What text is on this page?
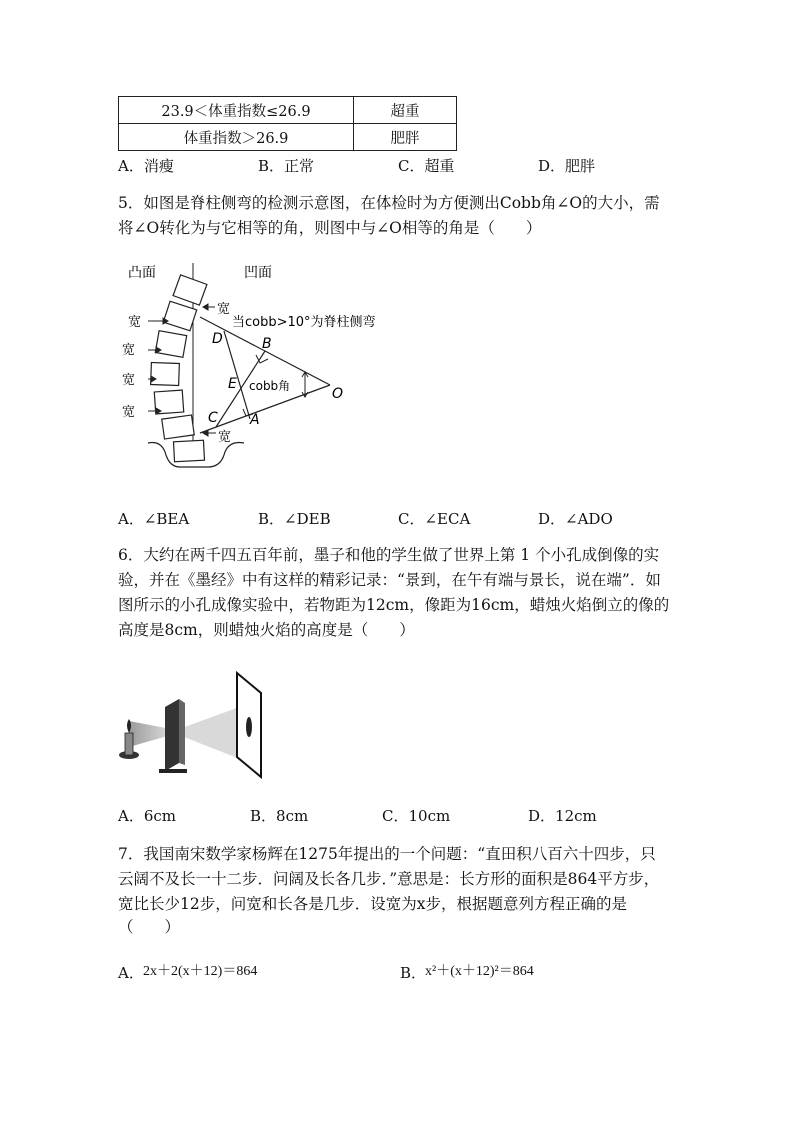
23.9＜体重指数≤26.9	超重
体重指数＞26.9	肥胖
A．消瘦	B．正常	C．超重	D．肥胖
5．如图是脊柱侧弯的检测示意图，在体检时为方便测出Cobb角∠O的大小，需
将∠O转化为与它相等的角，则图中与∠O相等的角是（　　）
凸面	凹面
宽
宽
宽
宽
宽
宽
当cobb>10°为脊柱侧弯
cobb角	O
A
B
C
D
E
A．∠BEA	B．∠DEB	C．∠ECA	D．∠ADO
6．大约在两千四五百年前，墨子和他的学生做了世界上第 1 个小孔成倒像的实
验，并在《墨经》中有这样的精彩记录：“景到，在午有端与景长，说在端”．如
图所示的小孔成像实验中，若物距为12cm，像距为16cm，蜡烛火焰倒立的像的
高度是8cm，则蜡烛火焰的高度是（　　）
A．6cm	B．8cm	C．10cm	D．12cm
7．我国南宋数学家杨辉在1275年提出的一个问题：“直田积八百六十四步，只
云阔不及长一十二步．问阔及长各几步．”意思是：长方形的面积是864平方步，
宽比长少12步，问宽和长各是几步．设宽为x步，根据题意列方程正确的是
（　　）
A． 2x＋2(x＋12)＝864	B．
x²＋(x＋12)²＝864
